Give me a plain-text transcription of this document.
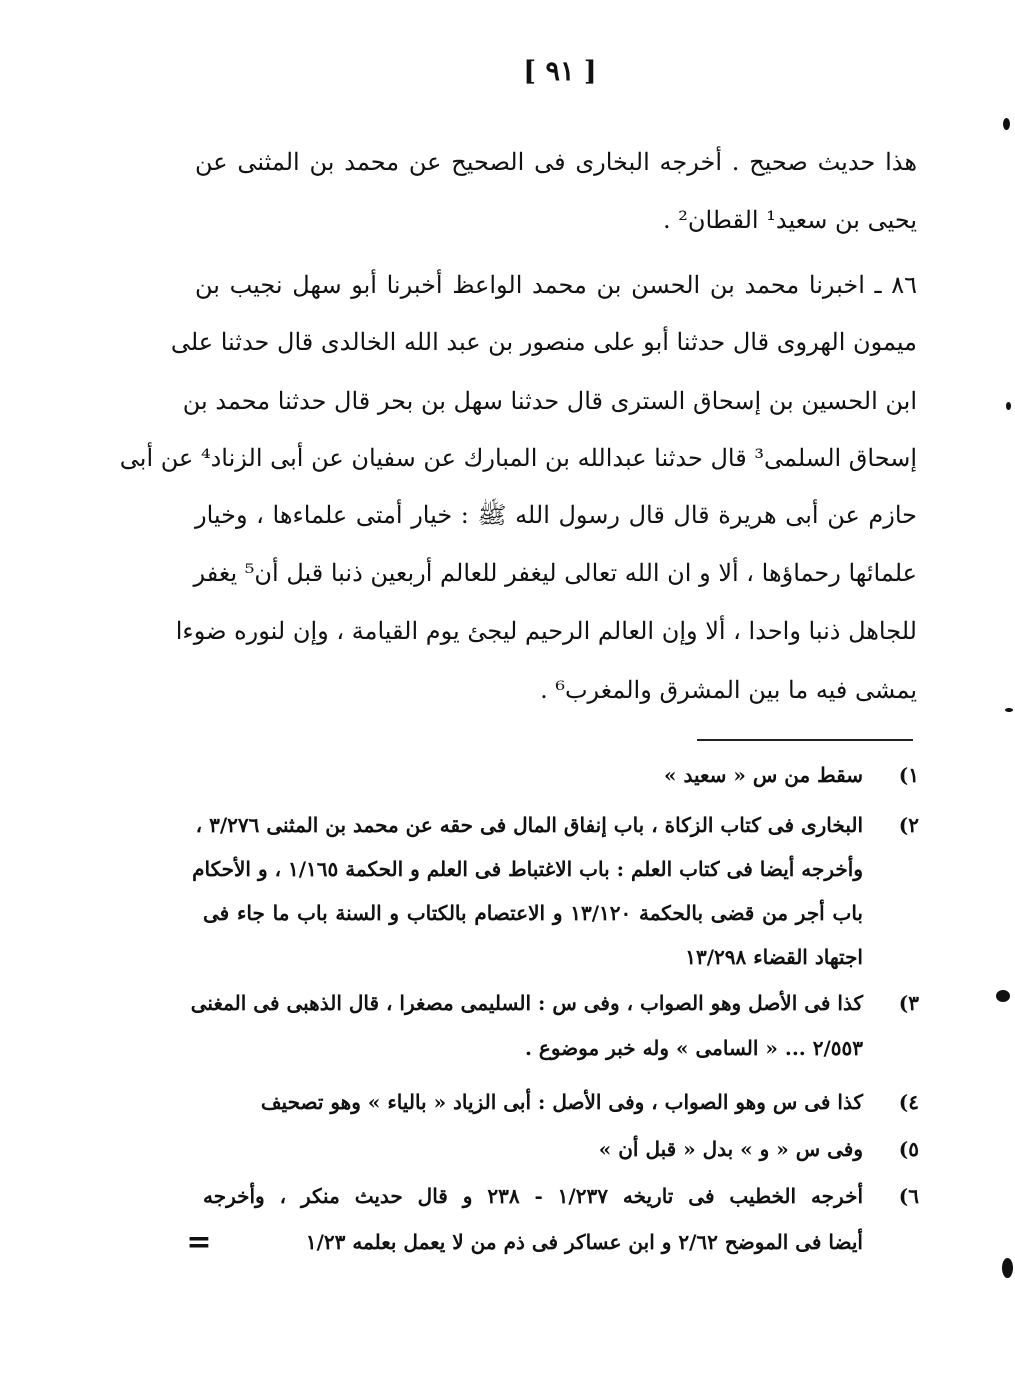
[ ٩١ ]
هذا حديث صحيح . أخرجه البخارى فى الصحيح عن محمد بن المثنى عن
يحيى بن سعيد¹ القطان² .
٨٦ ـ اخبرنا محمد بن الحسن بن محمد الواعظ أخبرنا أبو سهل نجيب بن
ميمون الهروى قال حدثنا أبو على منصور بن عبد الله الخالدى قال حدثنا على
ابن الحسين بن إسحاق السترى قال حدثنا سهل بن بحر قال حدثنا محمد بن
إسحاق السلمى³ قال حدثنا عبدالله بن المبارك عن سفيان عن أبى الزناد⁴ عن أبى
حازم عن أبى هريرة قال قال رسول الله ﷺ : خيار أمتى علماءها ، وخيار
علمائها رحماؤها ، ألا و ان الله تعالى ليغفر للعالم أربعين ذنبا قبل أن⁵ يغفر
للجاهل ذنبا واحدا ، ألا وإن العالم الرحيم ليجئ يوم القيامة ، وإن لنوره ضوءا
يمشى فيه ما بين المشرق والمغرب⁶ .
١)
سقط من س « سعيد »
٢)
البخارى فى كتاب الزكاة ، باب إنفاق المال فى حقه عن محمد بن المثنى ٣/٢٧٦ ،
وأخرجه أيضا فى كتاب العلم : باب الاغتباط فى العلم و الحكمة ١/١٦٥ ، و الأحكام
باب أجر من قضى بالحكمة ١٣/١٢٠ و الاعتصام بالكتاب و السنة باب ما جاء فى
اجتهاد القضاء ١٣/٢٩٨
٣)
كذا فى الأصل وهو الصواب ، وفى س : السليمى مصغرا ، قال الذهبى فى المغنى
٢/٥٥٣ ... « السامى » وله خبر موضوع .
٤)
كذا فى س وهو الصواب ، وفى الأصل : أبى الزياد « بالياء » وهو تصحيف
٥)
وفى س « و » بدل « قبل أن »
٦)
أخرجه الخطيب فى تاريخه ١/٢٣٧ - ٢٣٨ و قال حديث منكر ، وأخرجه
أيضا فى الموضح ٢/٦٢ و ابن عساكر فى ذم من لا يعمل بعلمه ١/٢٣
=
